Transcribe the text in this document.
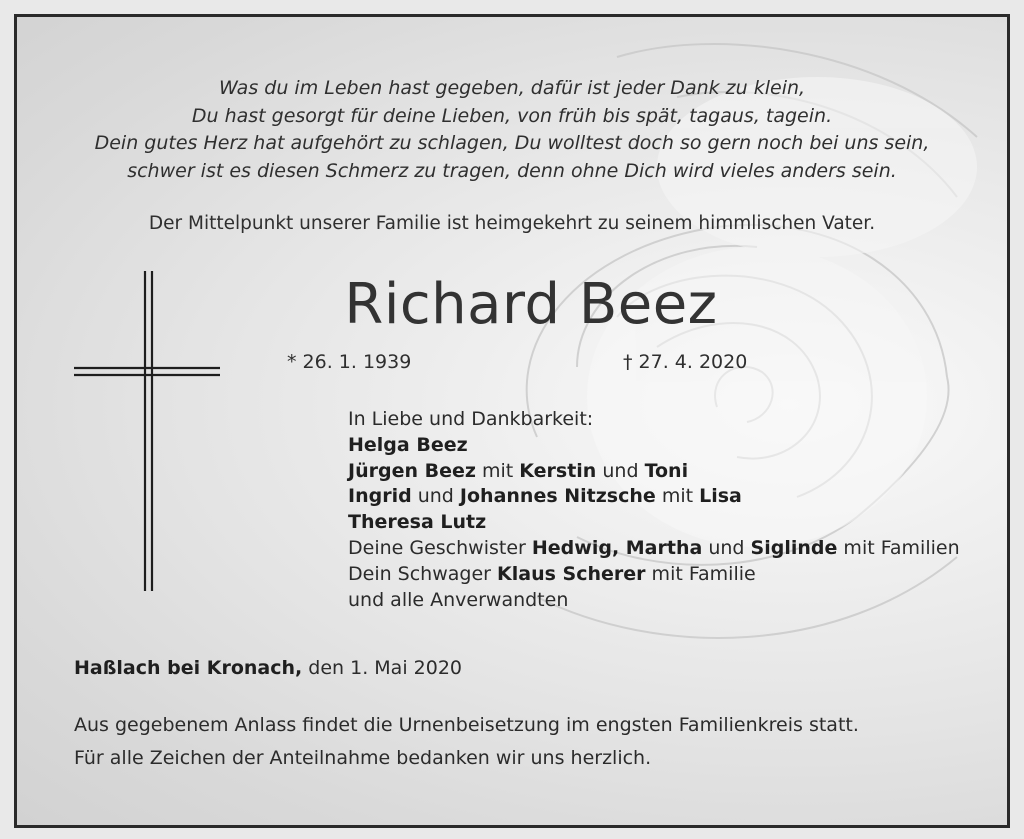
Was du im Leben hast gegeben, dafür ist jeder Dank zu klein,
Du hast gesorgt für deine Lieben, von früh bis spät, tagaus, tagein.
Dein gutes Herz hat aufgehört zu schlagen, Du wolltest doch so gern noch bei uns sein,
schwer ist es diesen Schmerz zu tragen, denn ohne Dich wird vieles anders sein.
Der Mittelpunkt unserer Familie ist heimgekehrt zu seinem himmlischen Vater.
Richard Beez
* 26. 1. 1939	† 27. 4. 2020
In Liebe und Dankbarkeit:
Helga Beez
Jürgen Beez mit Kerstin und Toni
Ingrid und Johannes Nitzsche mit Lisa
Theresa Lutz
Deine Geschwister Hedwig, Martha und Siglinde mit Familien
Dein Schwager Klaus Scherer mit Familie
und alle Anverwandten
Haßlach bei Kronach, den 1. Mai 2020
Aus gegebenem Anlass findet die Urnenbeisetzung im engsten Familienkreis statt.
Für alle Zeichen der Anteilnahme bedanken wir uns herzlich.
